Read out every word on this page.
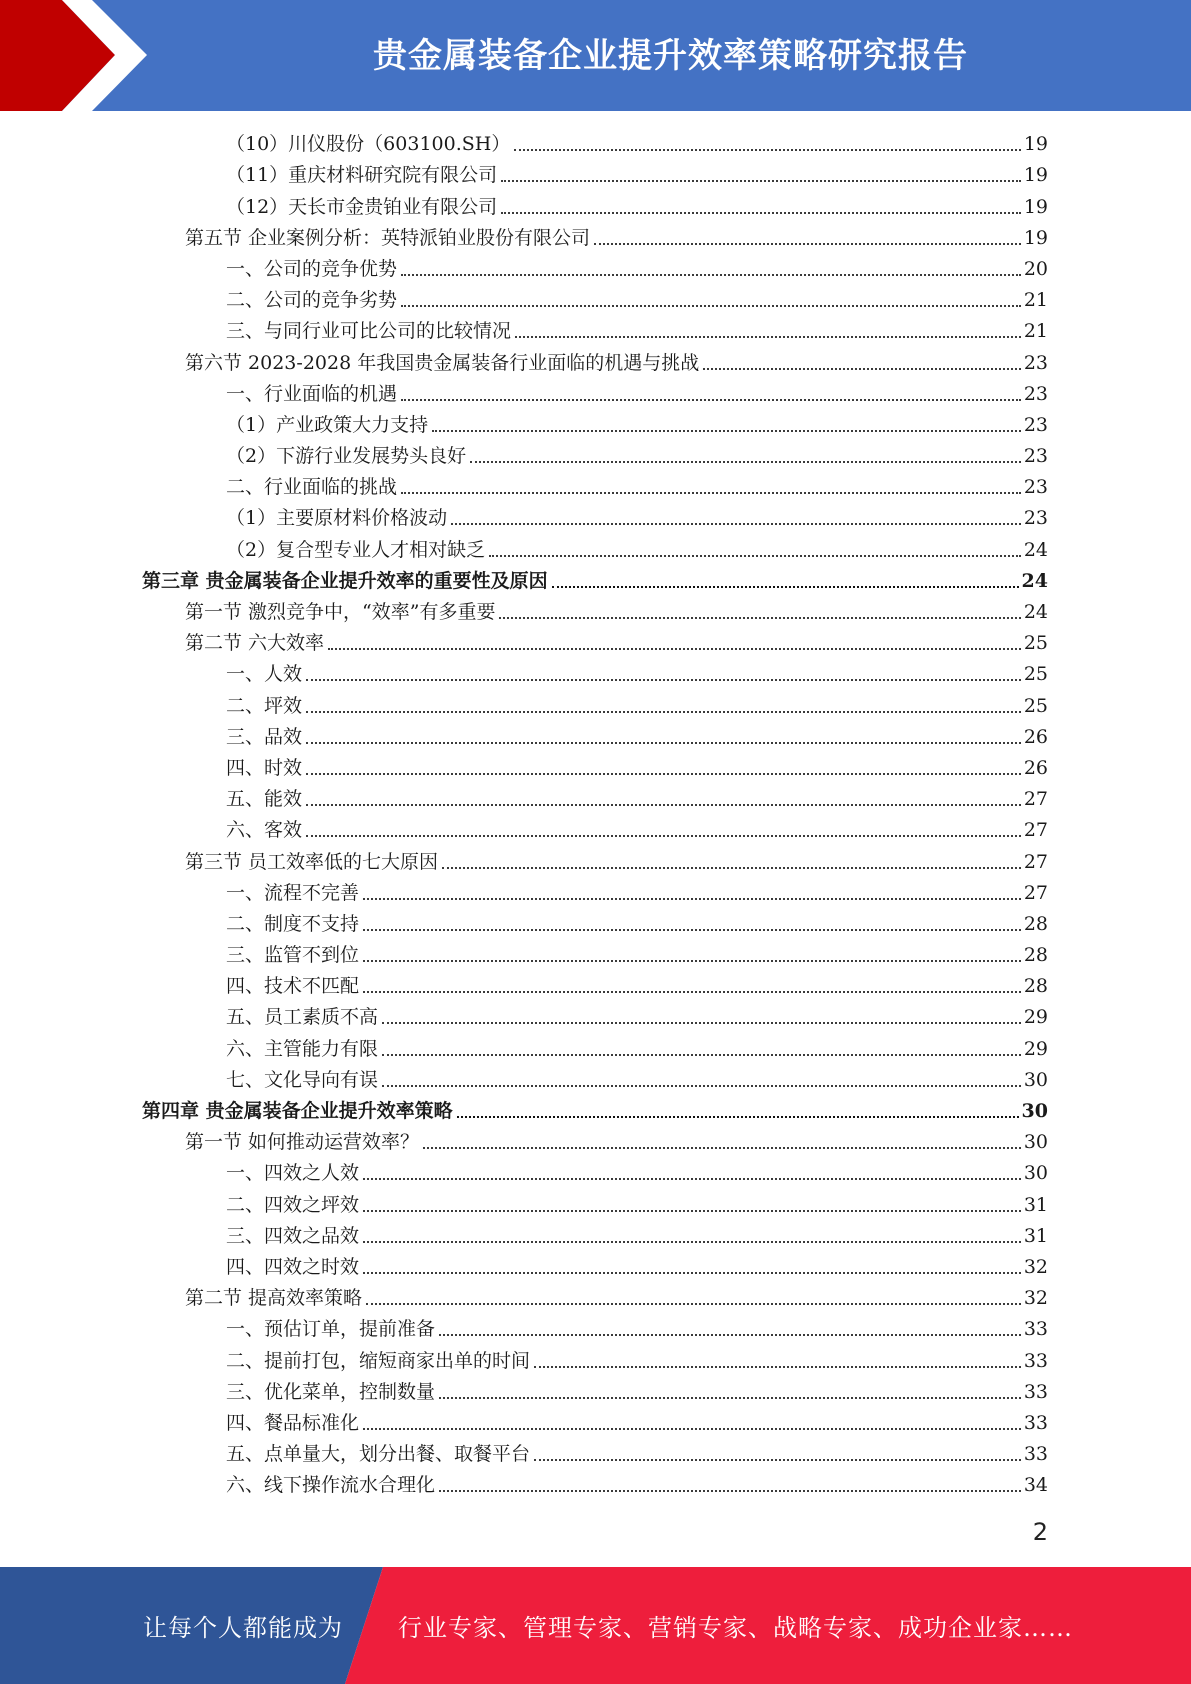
贵金属装备企业提升效率策略研究报告
（10）川仪股份（603100.SH）	19
（11）重庆材料研究院有限公司	19
（12）天长市金贵铂业有限公司	19
第五节 企业案例分析：英特派铂业股份有限公司	19
一、公司的竞争优势	20
二、公司的竞争劣势	21
三、与同行业可比公司的比较情况	21
第六节 2023-2028 年我国贵金属装备行业面临的机遇与挑战	23
一、行业面临的机遇	23
（1）产业政策大力支持	23
（2）下游行业发展势头良好	23
二、行业面临的挑战	23
（1）主要原材料价格波动	23
（2）复合型专业人才相对缺乏	24
第三章 贵金属装备企业提升效率的重要性及原因	24
第一节 激烈竞争中，“效率”有多重要	24
第二节 六大效率	25
一、人效	25
二、坪效	25
三、品效	26
四、时效	26
五、能效	27
六、客效	27
第三节 员工效率低的七大原因	27
一、流程不完善	27
二、制度不支持	28
三、监管不到位	28
四、技术不匹配	28
五、员工素质不高	29
六、主管能力有限	29
七、文化导向有误	30
第四章 贵金属装备企业提升效率策略	30
第一节 如何推动运营效率？	30
一、四效之人效	30
二、四效之坪效	31
三、四效之品效	31
四、四效之时效	32
第二节 提高效率策略	32
一、预估订单，提前准备	33
二、提前打包，缩短商家出单的时间	33
三、优化菜单，控制数量	33
四、餐品标准化	33
五、点单量大，划分出餐、取餐平台	33
六、线下操作流水合理化	34
2
让每个人都能成为 行业专家、管理专家、营销专家、战略专家、成功企业家……
